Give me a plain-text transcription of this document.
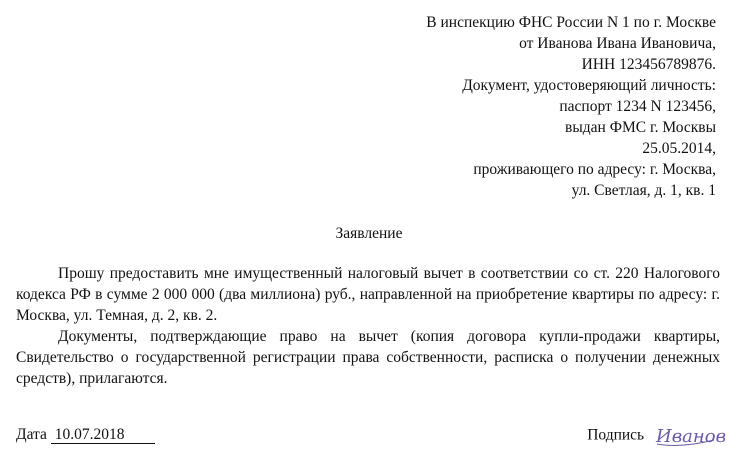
В инспекцию ФНС России N 1 по г. Москве

от Иванова Ивана Ивановича,

ИНН 123456789876.

Документ, удостоверяющий личность:

паспорт 1234 N 123456,

выдан ФМС г. Москвы

25.05.2014,

проживающего по адресу: г. Москва,

ул. Светлая, д. 1, кв. 1

Заявление

Прошу предоставить мне имущественный налоговый вычет в соответствии со ст. 220 Налогового кодекса РФ в сумме 2 000 000 (два миллиона) руб., направленной на приобретение квартиры по адресу: г. Москва, ул. Темная, д. 2, кв. 2.

Документы, подтверждающие право на вычет (копия договора купли-продажи квартиры, Свидетельство о государственной регистрации права собственности, расписка о получении денежных средств), прилагаются.

Дата 10.07.2018	Подпись Иванов
